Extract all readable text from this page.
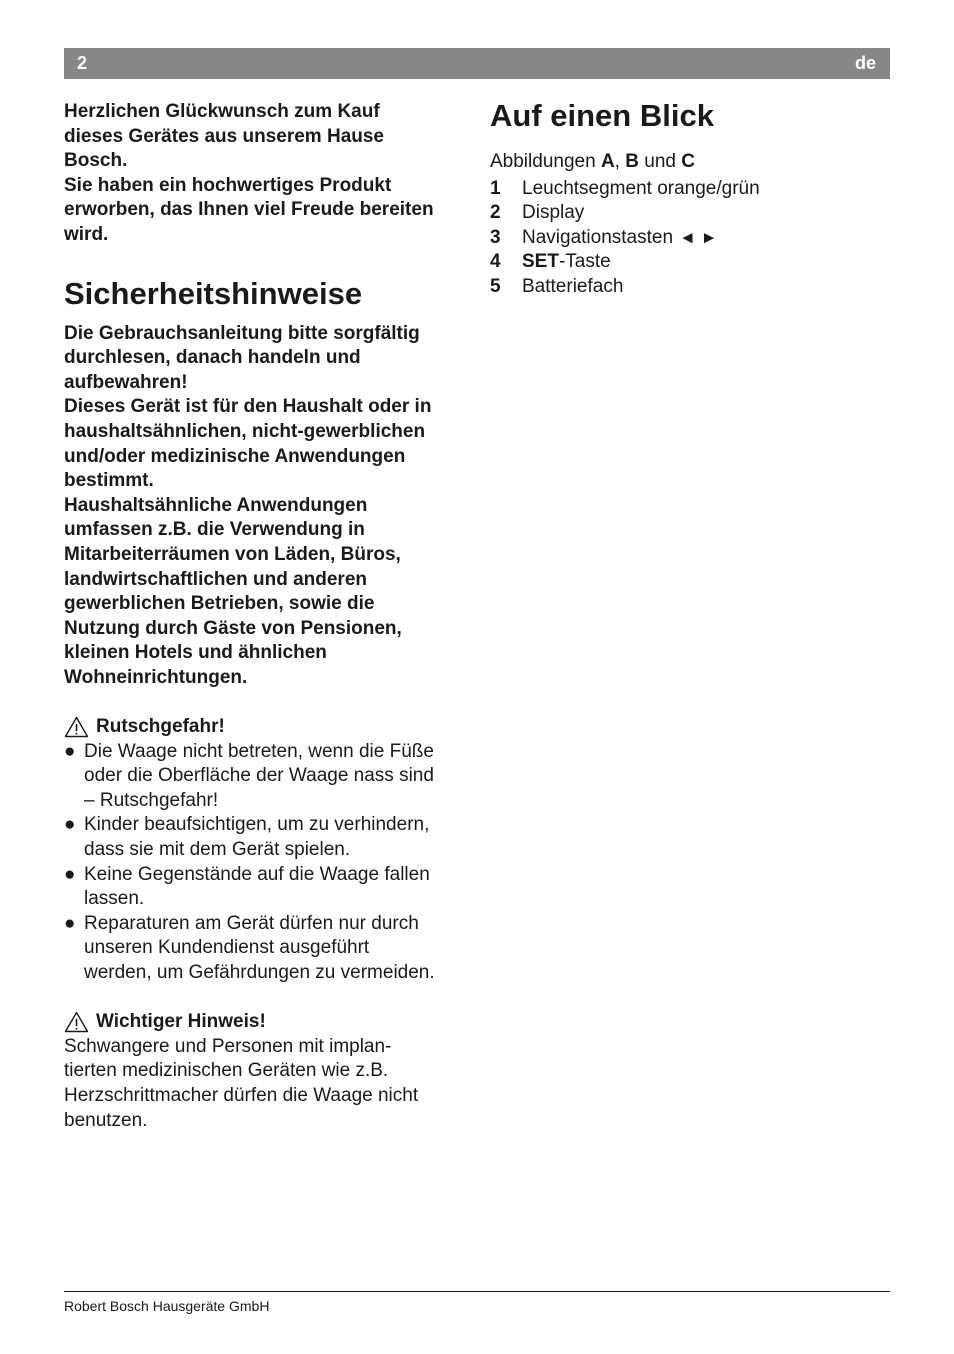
2	de

Herzlichen Glückwunsch zum Kauf

dieses Gerätes aus unserem Hause

Bosch.

Sie haben ein hochwertiges Produkt

erworben, das Ihnen viel Freude bereiten

wird.

Sicherheitshinweise

Die Gebrauchsanleitung bitte sorgfältig

durchlesen, danach handeln und

aufbewahren!

Dieses Gerät ist für den Haushalt oder in

haushaltsähnlichen, nicht-gewerblichen

und/oder medizinische Anwendungen

bestimmt.

Haushaltsähnliche Anwendungen

umfassen z.B. die Verwendung in

Mitarbeiterräumen von Läden, Büros,

landwirtschaftlichen und anderen

gewerblichen Betrieben, sowie die

Nutzung durch Gäste von Pensionen,

kleinen Hotels und ähnlichen

Wohneinrichtungen.

Rutschgefahr!
● Die Waage nicht betreten, wenn die Füße
oder die Oberfläche der Waage nass sind
– Rutschgefahr!
● Kinder beaufsichtigen, um zu verhindern,
dass sie mit dem Gerät spielen.
● Keine Gegenstände auf die Waage fallen
lassen.
● Reparaturen am Gerät dürfen nur durch
unseren Kundendienst ausgeführt
werden, um Gefährdungen zu vermeiden.
Wichtiger Hinweis!

Schwangere und Personen mit implan-

tierten medizinischen Geräten wie z.B.

Herzschrittmacher dürfen die Waage nicht

benutzen.

Auf einen Blick

Abbildungen A, B und C

1	Leuchtsegment orange/grün
2	Display
3	Navigationstasten ◄ ►
4	SET-Taste
5	Batteriefach
Robert Bosch Hausgeräte GmbH
